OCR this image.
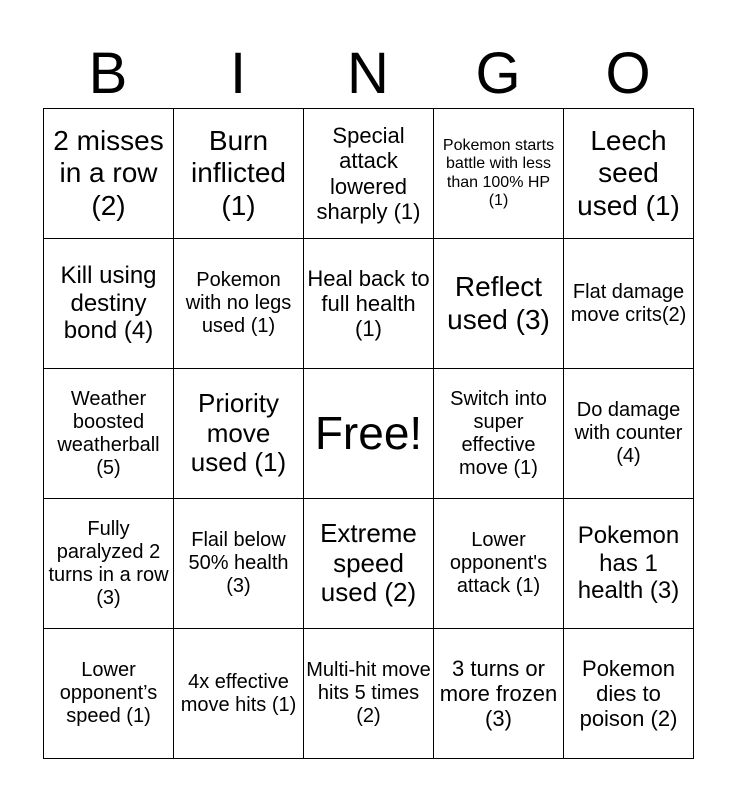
B	I	N	G	O
2 misses in a row (2)	Burn inflicted (1)	Special attack lowered sharply (1)	Pokemon starts battle with less than 100% HP (1)	Leech seed used (1)
Kill using destiny bond (4)	Pokemon with no legs used (1)	Heal back to full health (1)	Reflect used (3)	Flat damage move crits(2)
Weather boosted weatherball (5)	Priority move used (1)	Free!	Switch into super effective move (1)	Do damage with counter (4)
Fully paralyzed 2 turns in a row (3)	Flail below 50% health (3)	Extreme speed used (2)	Lower opponent's attack (1)	Pokemon has 1 health (3)
Lower opponent’s speed (1)	4x effective move hits (1)	Multi-hit move hits 5 times (2)	3 turns or more frozen (3)	Pokemon dies to poison (2)
